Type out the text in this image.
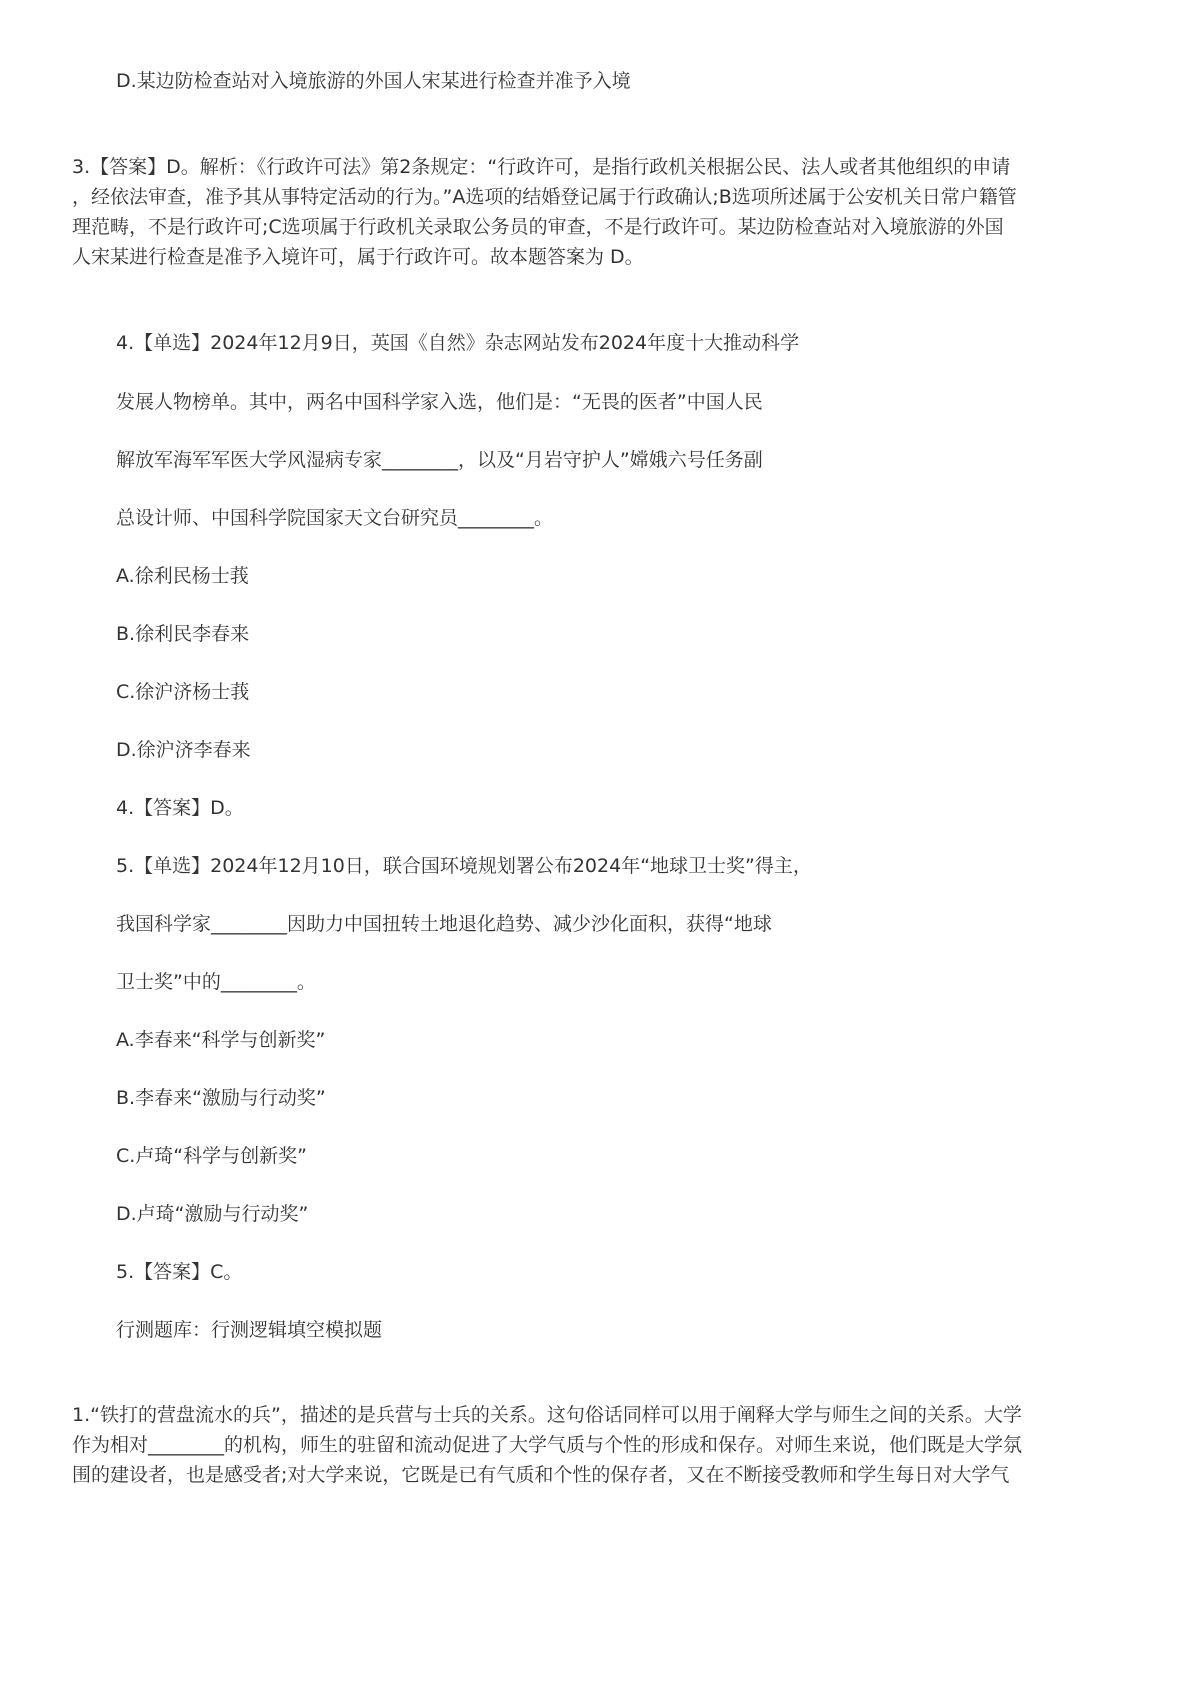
D.某边防检查站对入境旅游的外国人宋某进行检查并准予入境
3.【答案】D。解析：《行政许可法》第2条规定：“行政许可，是指行政机关根据公民、法人或者其他组织的申请
，经依法审查，准予其从事特定活动的行为。”A选项的结婚登记属于行政确认;B选项所述属于公安机关日常户籍管
理范畴，不是行政许可;C选项属于行政机关录取公务员的审查，不是行政许可。某边防检查站对入境旅游的外国
人宋某进行检查是准予入境许可，属于行政许可。故本题答案为 D。
4.【单选】2024年12月9日，英国《自然》杂志网站发布2024年度十大推动科学
发展人物榜单。其中，两名中国科学家入选，他们是：“无畏的医者”中国人民
解放军海军军医大学风湿病专家________，以及“月岩守护人”嫦娥六号任务副
总设计师、中国科学院国家天文台研究员________。
A.徐利民杨士莪
B.徐利民李春来
C.徐沪济杨士莪
D.徐沪济李春来
4.【答案】D。
5.【单选】2024年12月10日，联合国环境规划署公布2024年“地球卫士奖”得主，
我国科学家________因助力中国扭转土地退化趋势、减少沙化面积，获得“地球
卫士奖”中的________。
A.李春来“科学与创新奖”
B.李春来“激励与行动奖”
C.卢琦“科学与创新奖”
D.卢琦“激励与行动奖”
5.【答案】C。
行测题库：行测逻辑填空模拟题
1.“铁打的营盘流水的兵”，描述的是兵营与士兵的关系。这句俗话同样可以用于阐释大学与师生之间的关系。大学
作为相对________的机构，师生的驻留和流动促进了大学气质与个性的形成和保存。对师生来说，他们既是大学氛
围的建设者，也是感受者;对大学来说，它既是已有气质和个性的保存者，又在不断接受教师和学生每日对大学气
